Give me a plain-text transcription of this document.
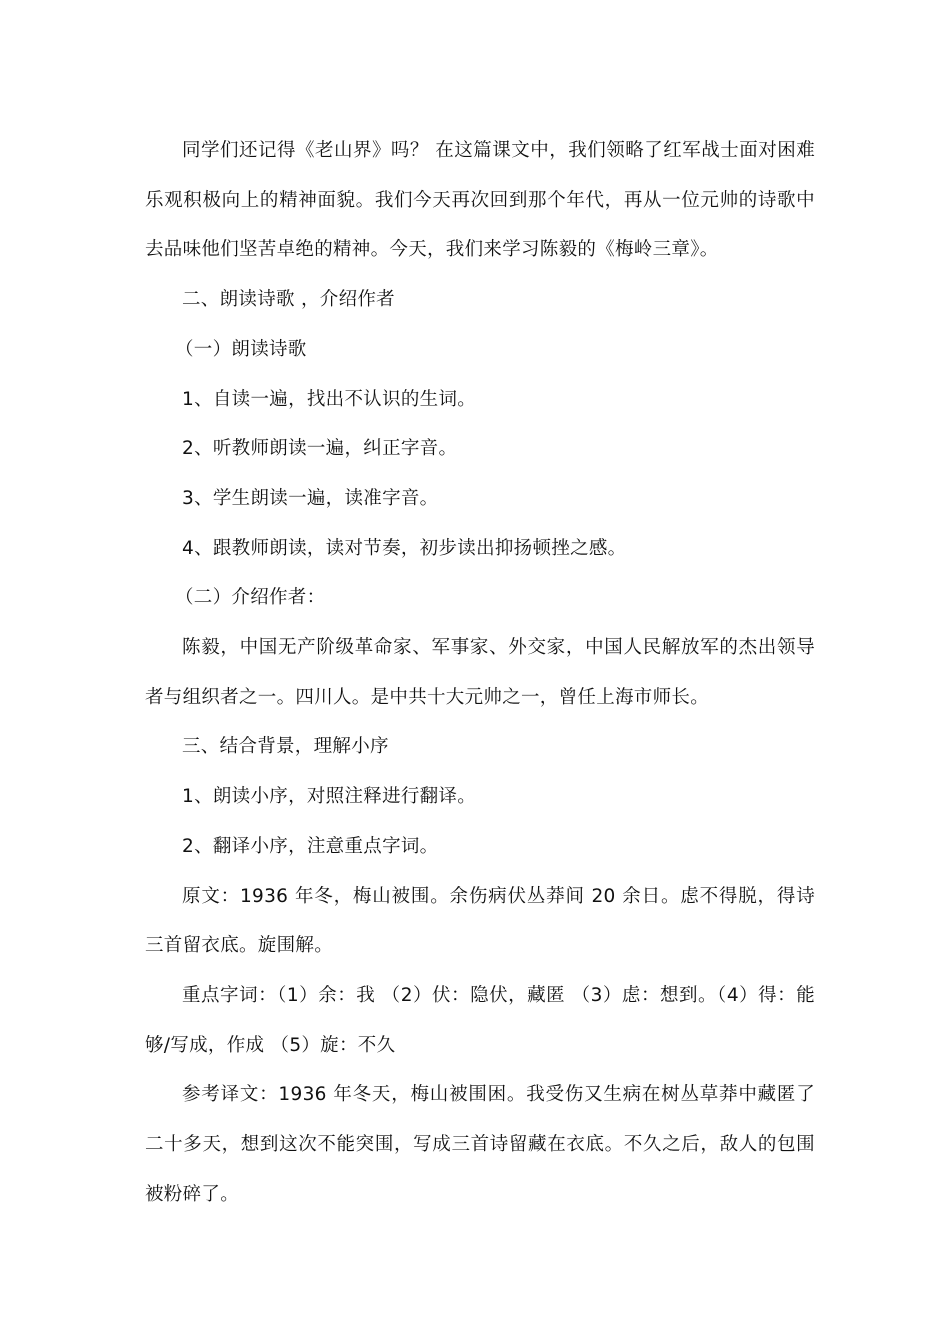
同学们还记得《老山界》吗？ 在这篇课文中，我们领略了红军战士面对困难乐观积极向上的精神面貌。我们今天再次回到那个年代，再从一位元帅的诗歌中去品味他们坚苦卓绝的精神。今天，我们来学习陈毅的《梅岭三章》。

二、朗读诗歌 ，介绍作者

（一）朗读诗歌

1、自读一遍，找出不认识的生词。

2、听教师朗读一遍，纠正字音。

3、学生朗读一遍，读准字音。

4、跟教师朗读，读对节奏，初步读出抑扬顿挫之感。

（二）介绍作者：

陈毅，中国无产阶级革命家、军事家、外交家，中国人民解放军的杰出领导者与组织者之一。四川人。是中共十大元帅之一，曾任上海市师长。

三、结合背景，理解小序

1、朗读小序，对照注释进行翻译。

2、翻译小序，注意重点字词。

原文：1936 年冬，梅山被围。余伤病伏丛莽间 20 余日。虑不得脱，得诗三首留衣底。旋围解。

重点字词：（1）余：我 （2）伏：隐伏，藏匿 （3）虑：想到。（4）得：能够/写成，作成 （5）旋：不久

参考译文：1936 年冬天，梅山被围困。我受伤又生病在树丛草莽中藏匿了二十多天，想到这次不能突围，写成三首诗留藏在衣底。不久之后，敌人的包围被粉碎了。
